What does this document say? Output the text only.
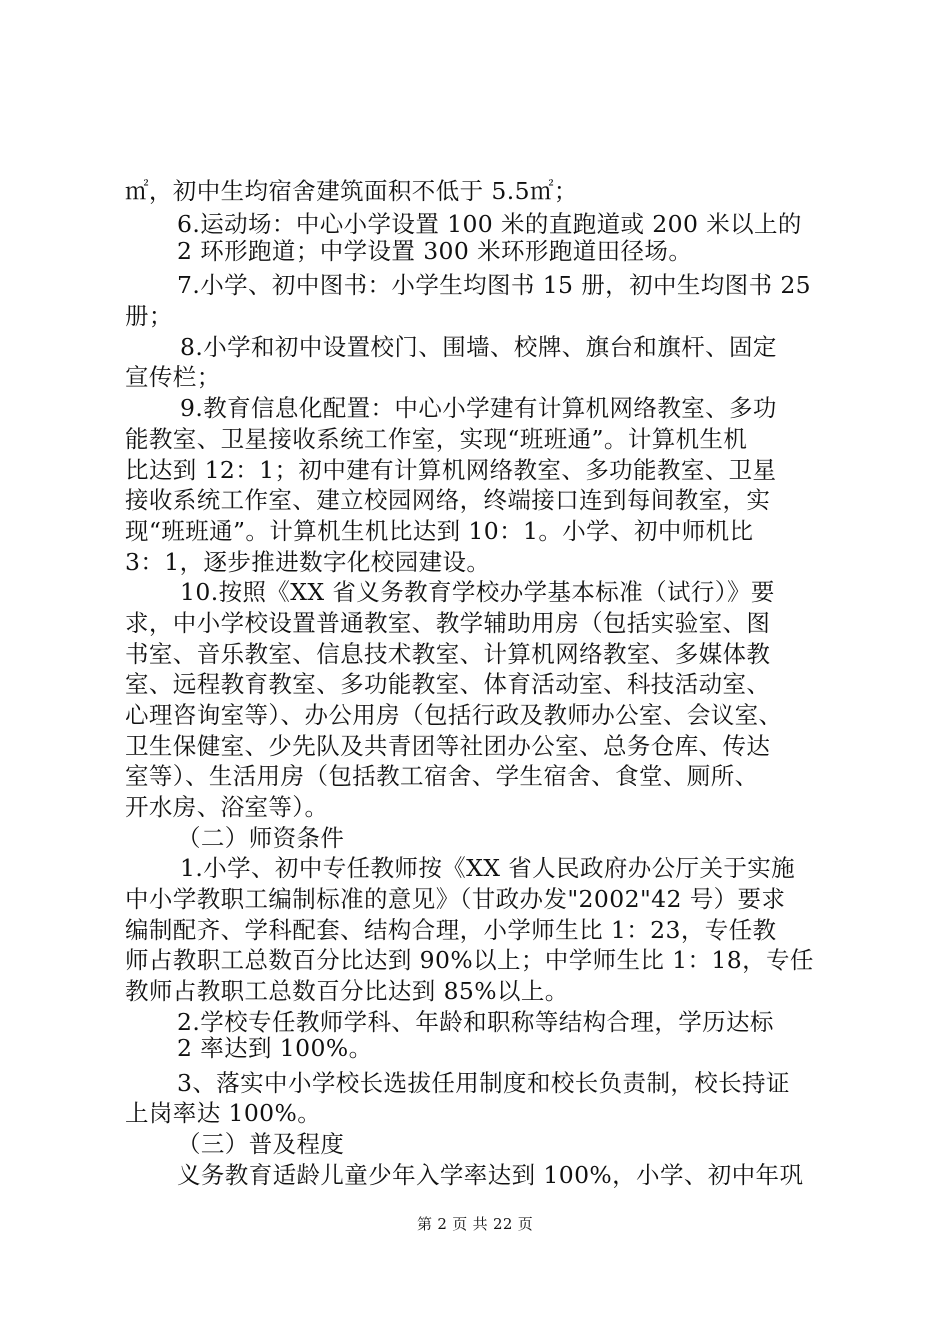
㎡，初中生均宿舍建筑面积不低于 5.5㎡；
6.运动场：中心小学设置 100 米的直跑道或 200 米以上的
2 环形跑道；中学设置 300 米环形跑道田径场。
7.小学、初中图书：小学生均图书 15 册，初中生均图书 25
册；
8.小学和初中设置校门、围墙、校牌、旗台和旗杆、固定
宣传栏；
9.教育信息化配置：中心小学建有计算机网络教室、多功
能教室、卫星接收系统工作室，实现“班班通”。计算机生机
比达到 12：1；初中建有计算机网络教室、多功能教室、卫星
接收系统工作室、建立校园网络，终端接口连到每间教室，实
现“班班通”。计算机生机比达到 10：1。小学、初中师机比
3：1，逐步推进数字化校园建设。
10.按照《XX 省义务教育学校办学基本标准（试行）》要
求，中小学校设置普通教室、教学辅助用房（包括实验室、图
书室、音乐教室、信息技术教室、计算机网络教室、多媒体教
室、远程教育教室、多功能教室、体育活动室、科技活动室、
心理咨询室等）、办公用房（包括行政及教师办公室、会议室、
卫生保健室、少先队及共青团等社团办公室、总务仓库、传达
室等）、生活用房（包括教工宿舍、学生宿舍、食堂、厕所、
开水房、浴室等）。
（二）师资条件
1.小学、初中专任教师按《XX 省人民政府办公厅关于实施
中小学教职工编制标准的意见》（甘政办发"2002"42 号）要求
编制配齐、学科配套、结构合理，小学师生比 1：23，专任教
师占教职工总数百分比达到 90%以上；中学师生比 1：18，专任
教师占教职工总数百分比达到 85%以上。
2.学校专任教师学科、年龄和职称等结构合理，学历达标
2 率达到 100%。
3、落实中小学校长选拔任用制度和校长负责制，校长持证
上岗率达 100%。
（三）普及程度
义务教育适龄儿童少年入学率达到 100%，小学、初中年巩
第 2 页 共 22 页
